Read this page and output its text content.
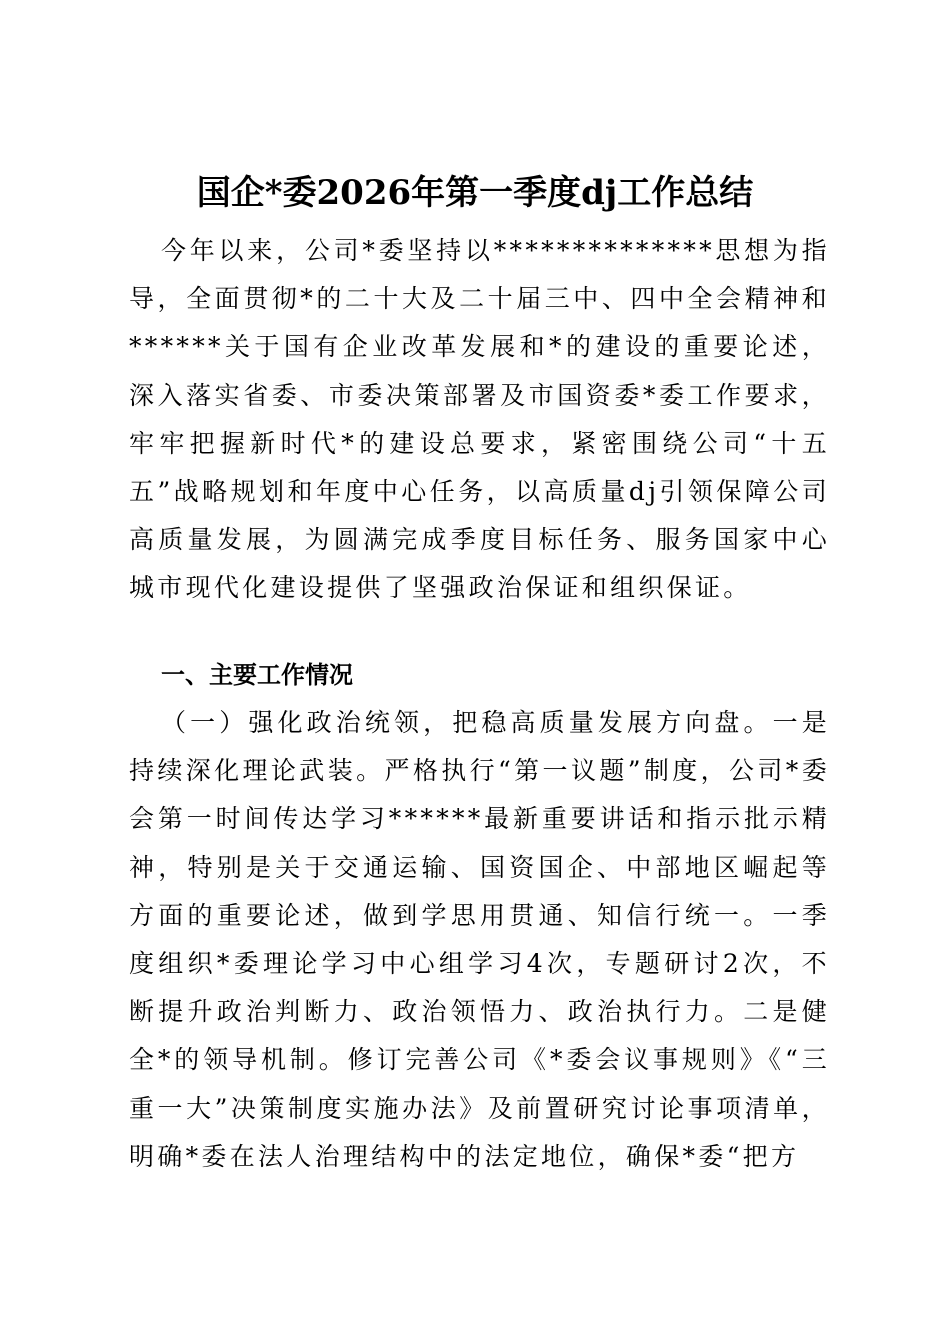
国企*委2026年第一季度dj工作总结

今年以来，公司*委坚持以**************思想为指导，全面贯彻*的二十大及二十届三中、四中全会精神和******关于国有企业改革发展和*的建设的重要论述，深入落实省委、市委决策部署及市国资委*委工作要求，牢牢把握新时代*的建设总要求，紧密围绕公司“十五五”战略规划和年度中心任务，以高质量dj引领保障公司高质量发展，为圆满完成季度目标任务、服务国家中心城市现代化建设提供了坚强政治保证和组织保证。

一、主要工作情况

（一）强化政治统领，把稳高质量发展方向盘。一是持续深化理论武装。严格执行“第一议题”制度，公司*委会第一时间传达学习******最新重要讲话和指示批示精神，特别是关于交通运输、国资国企、中部地区崛起等方面的重要论述，做到学思用贯通、知信行统一。一季度组织*委理论学习中心组学习4次，专题研讨2次，不断提升政治判断力、政治领悟力、政治执行力。二是健全*的领导机制。修订完善公司《*委会议事规则》《“三重一大”决策制度实施办法》及前置研究讨论事项清单，明确*委在法人治理结构中的法定地位，确保*委“把方
